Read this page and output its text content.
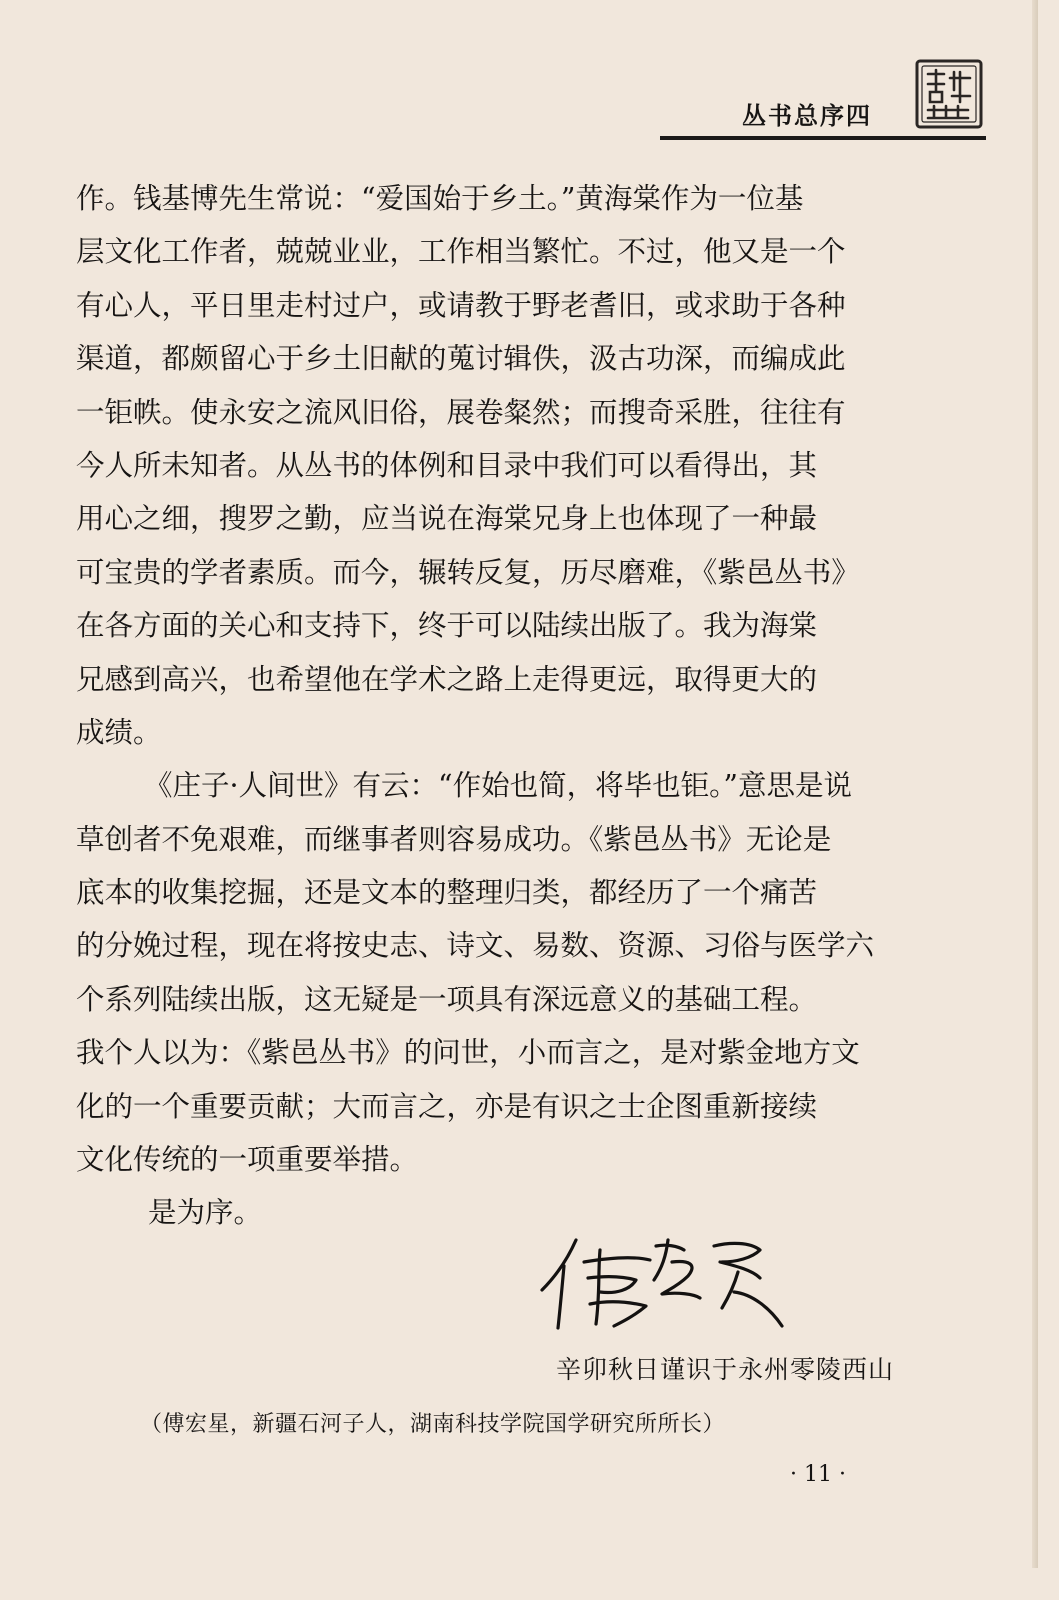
丛书总序四
作。钱基博先生常说：“爱国始于乡土。”黄海棠作为一位基
层文化工作者，兢兢业业，工作相当繁忙。不过，他又是一个
有心人，平日里走村过户，或请教于野老耆旧，或求助于各种
渠道，都颇留心于乡土旧献的蒐讨辑佚，汲古功深，而编成此
一钜帙。使永安之流风旧俗，展卷粲然；而搜奇采胜，往往有
今人所未知者。从丛书的体例和目录中我们可以看得出，其
用心之细，搜罗之勤，应当说在海棠兄身上也体现了一种最
可宝贵的学者素质。而今，辗转反复，历尽磨难，《紫邑丛书》
在各方面的关心和支持下，终于可以陆续出版了。我为海棠
兄感到高兴，也希望他在学术之路上走得更远，取得更大的
成绩。
《庄子·人间世》有云：“作始也简，将毕也钜。”意思是说
草创者不免艰难，而继事者则容易成功。《紫邑丛书》无论是
底本的收集挖掘，还是文本的整理归类，都经历了一个痛苦
的分娩过程，现在将按史志、诗文、易数、资源、习俗与医学六
个系列陆续出版，这无疑是一项具有深远意义的基础工程。
我个人以为：《紫邑丛书》的问世，小而言之，是对紫金地方文
化的一个重要贡献；大而言之，亦是有识之士企图重新接续
文化传统的一项重要举措。
是为序。
辛卯秋日谨识于永州零陵西山
（傅宏星，新疆石河子人，湖南科技学院国学研究所所长）
· 11 ·
